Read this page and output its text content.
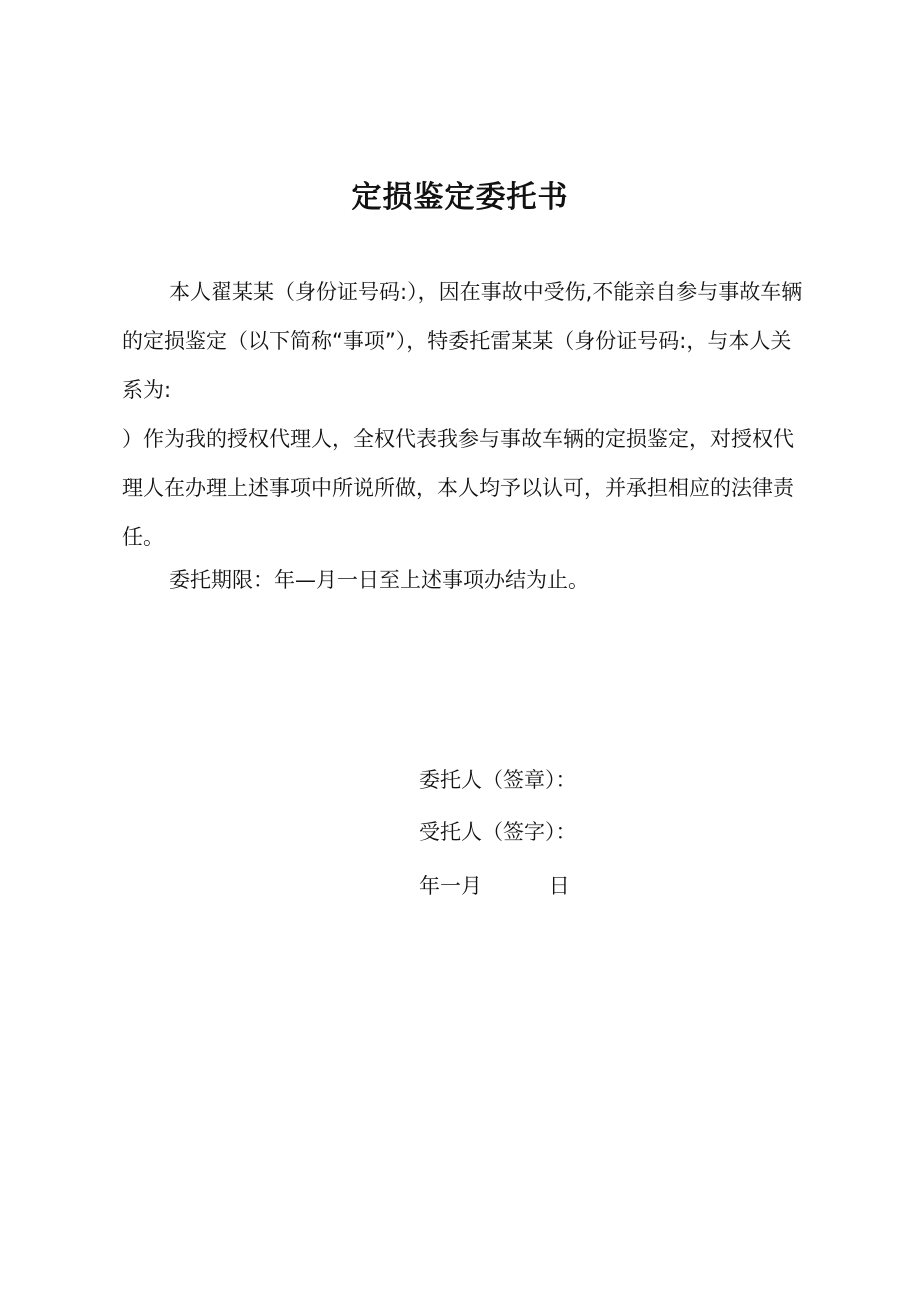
定损鉴定委托书

本人翟某某（身份证号码:），因在事故中受伤,不能亲自参与事故车辆的定损鉴定（以下简称“事项”），特委托雷某某（身份证号码:，与本人关系为:

）作为我的授权代理人，全权代表我参与事故车辆的定损鉴定，对授权代理人在办理上述事项中所说所做，本人均予以认可，并承担相应的法律责任。

委托期限：年—月一日至上述事项办结为止。

委托人（签章）：
受托人（签字）：
年一月          日
